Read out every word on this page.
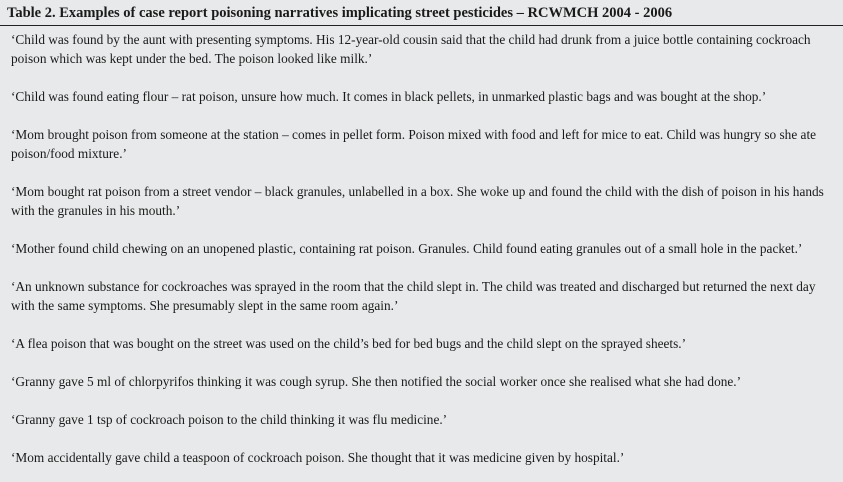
Table 2. Examples of case report poisoning narratives implicating street pesticides – RCWMCH 2004 - 2006

‘Child was found by the aunt with presenting symptoms. His 12-year-old cousin said that the child had drunk from a juice bottle containing cockroach poison which was kept under the bed. The poison looked like milk.’

‘Child was found eating flour – rat poison, unsure how much. It comes in black pellets, in unmarked plastic bags and was bought at the shop.’

‘Mom brought poison from someone at the station – comes in pellet form. Poison mixed with food and left for mice to eat. Child was hungry so she ate poison/food mixture.’

‘Mom bought rat poison from a street vendor – black granules, unlabelled in a box. She woke up and found the child with the dish of poison in his hands with the granules in his mouth.’

‘Mother found child chewing on an unopened plastic, containing rat poison. Granules. Child found eating granules out of a small hole in the packet.’

‘An unknown substance for cockroaches was sprayed in the room that the child slept in. The child was treated and discharged but returned the next day with the same symptoms. She presumably slept in the same room again.’

‘A flea poison that was bought on the street was used on the child’s bed for bed bugs and the child slept on the sprayed sheets.’

‘Granny gave 5 ml of chlorpyrifos thinking it was cough syrup. She then notified the social worker once she realised what she had done.’

‘Granny gave 1 tsp of cockroach poison to the child thinking it was flu medicine.’

‘Mom accidentally gave child a teaspoon of cockroach poison. She thought that it was medicine given by hospital.’
